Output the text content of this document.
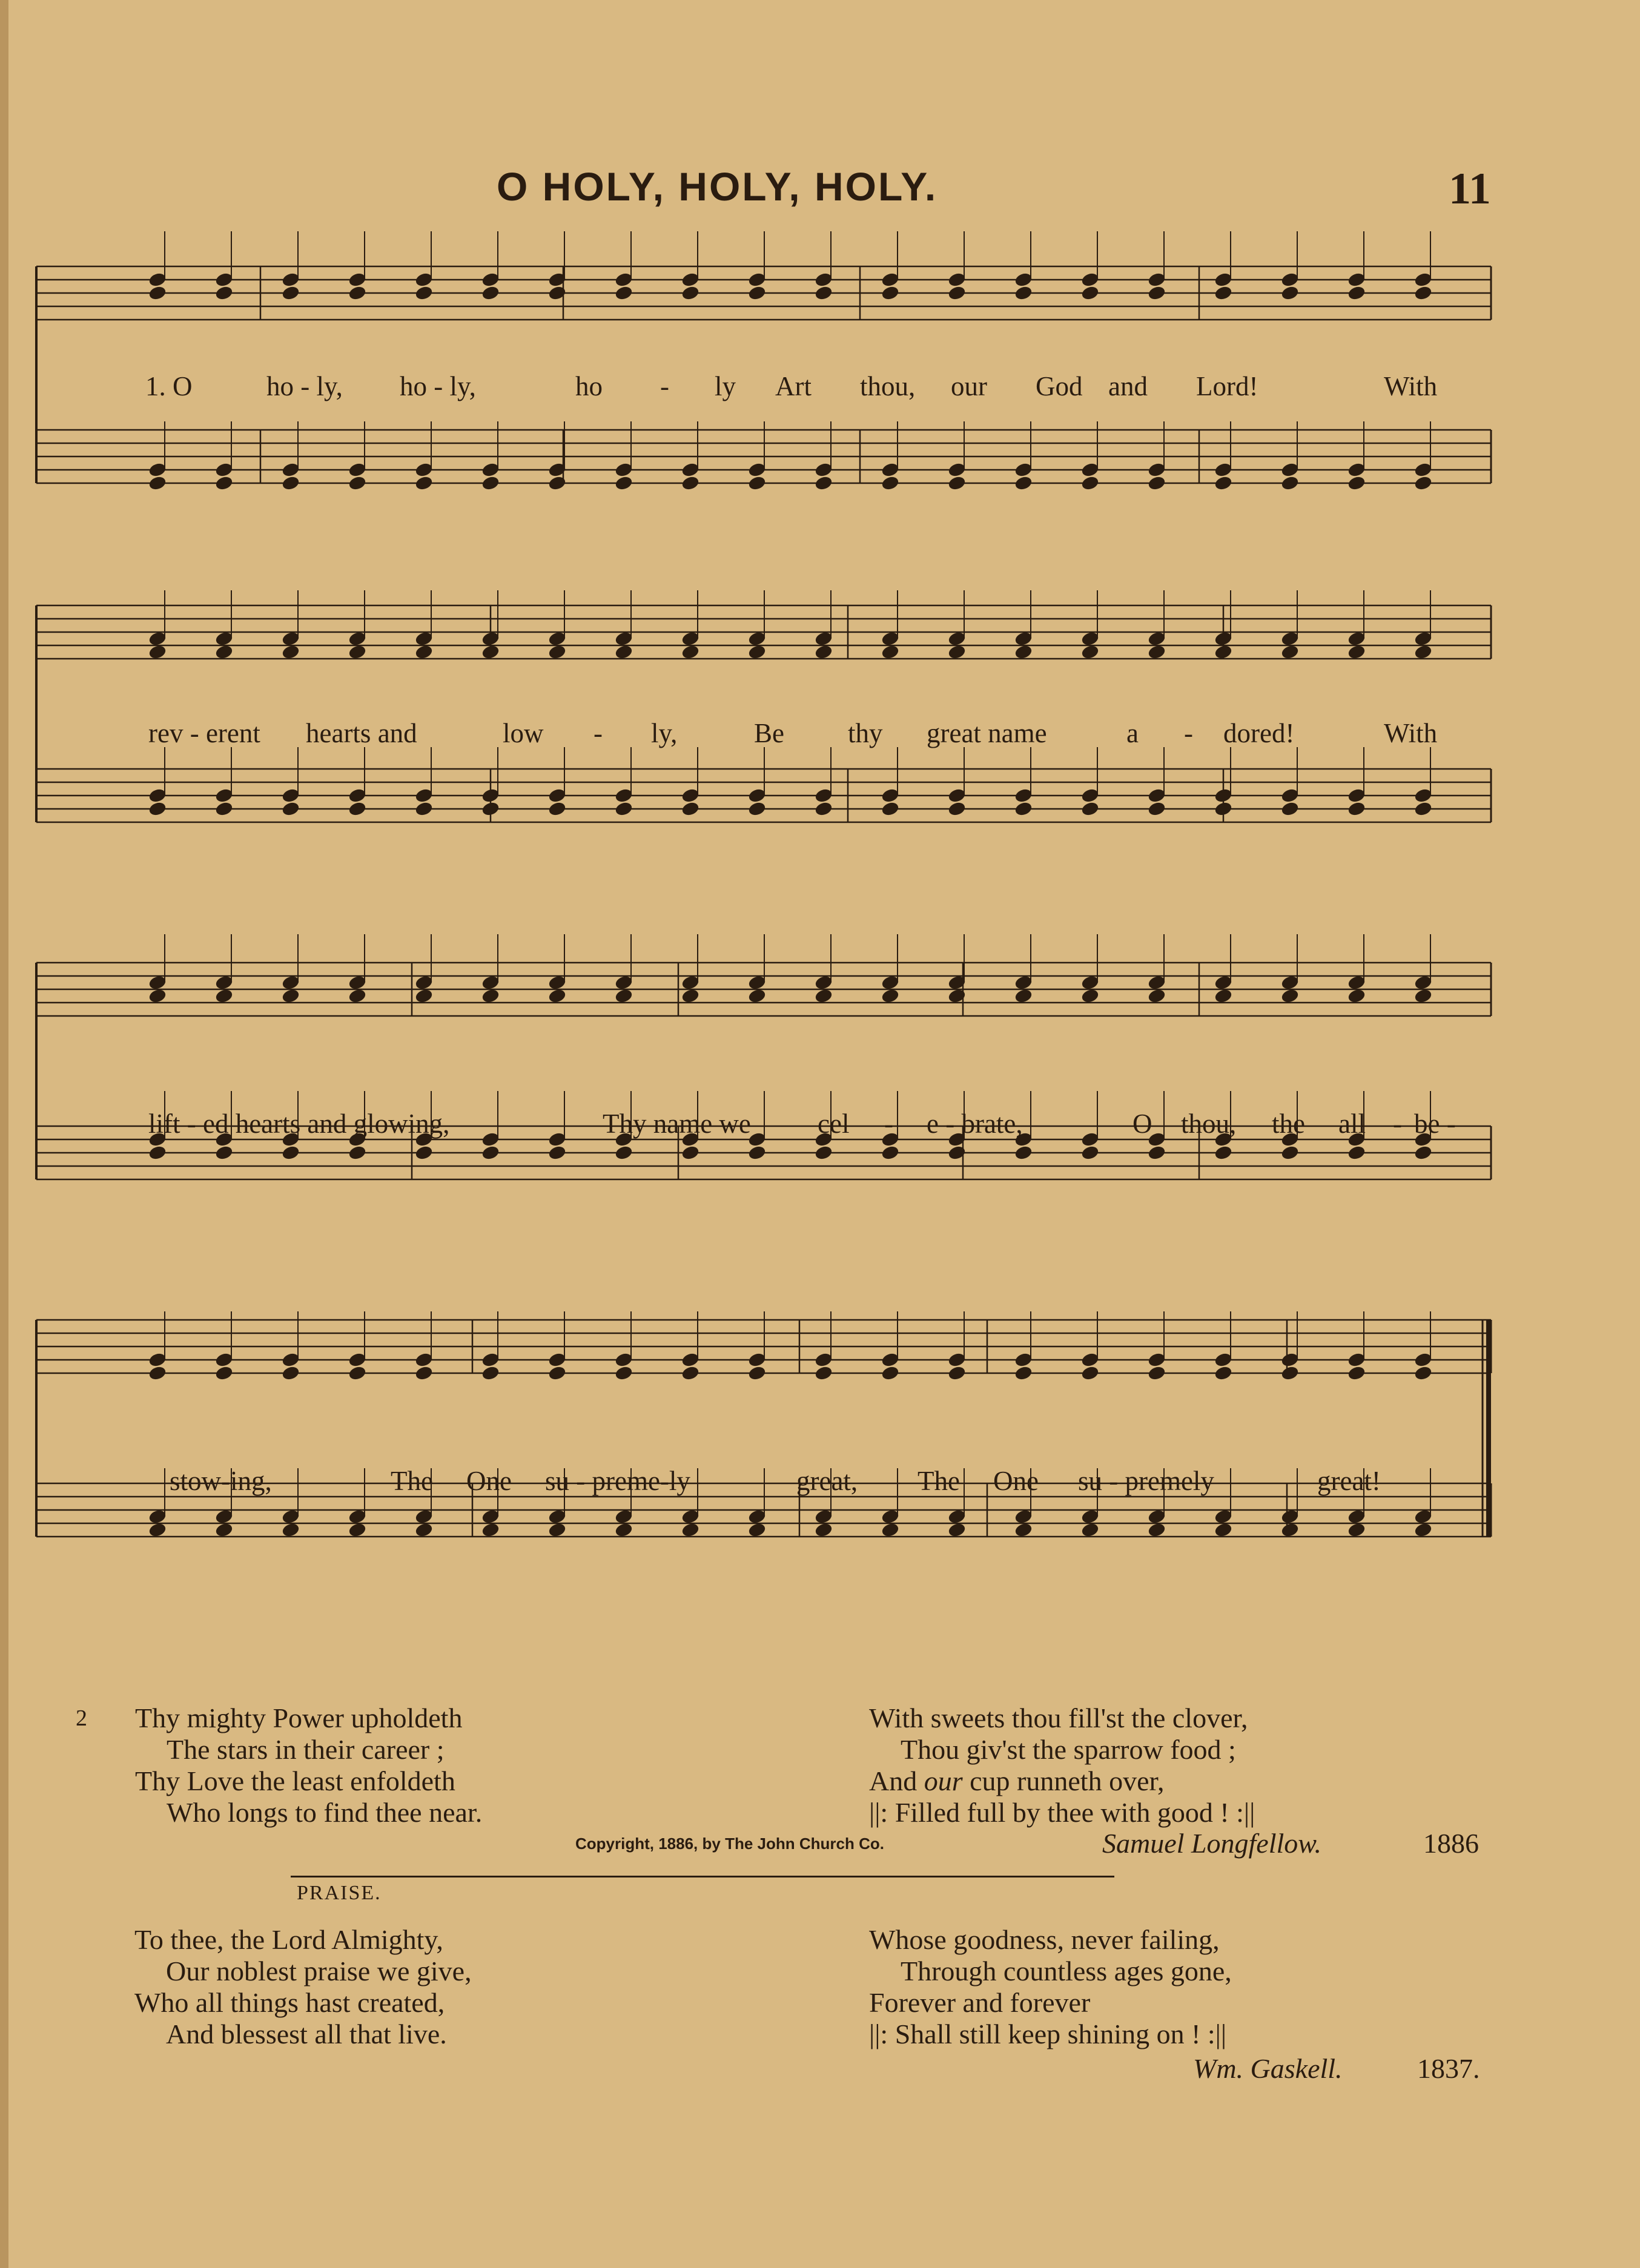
O HOLY, HOLY, HOLY.	11
1. O	ho - ly, ho - ly,	ho - ly Art thou, our God and Lord!	With
rev - erent hearts and	low - ly,	Be thy great name	a - dored!	With
lift - ed hearts and glowing,	Thy name we cel - e - brate,	O thou, the all - be -
stow-ing,	The One su - preme-ly	great, The One su - premely	great!
2 Thy mighty Power upholdeth
The stars in their career ;
Thy Love the least enfoldeth
Who longs to find thee near.
With sweets thou fill'st the clover,
Thou giv'st the sparrow food ;
And our cup runneth over,
||: Filled full by thee with good ! :||
Copyright, 1886, by The John Church Co.	Samuel Longfellow.	1886
PRAISE.
To thee, the Lord Almighty,
Our noblest praise we give,
Who all things hast created,
And blessest all that live.
Whose goodness, never failing,
Through countless ages gone,
Forever and forever
||: Shall still keep shining on ! :||
Wm. Gaskell.	1837.
